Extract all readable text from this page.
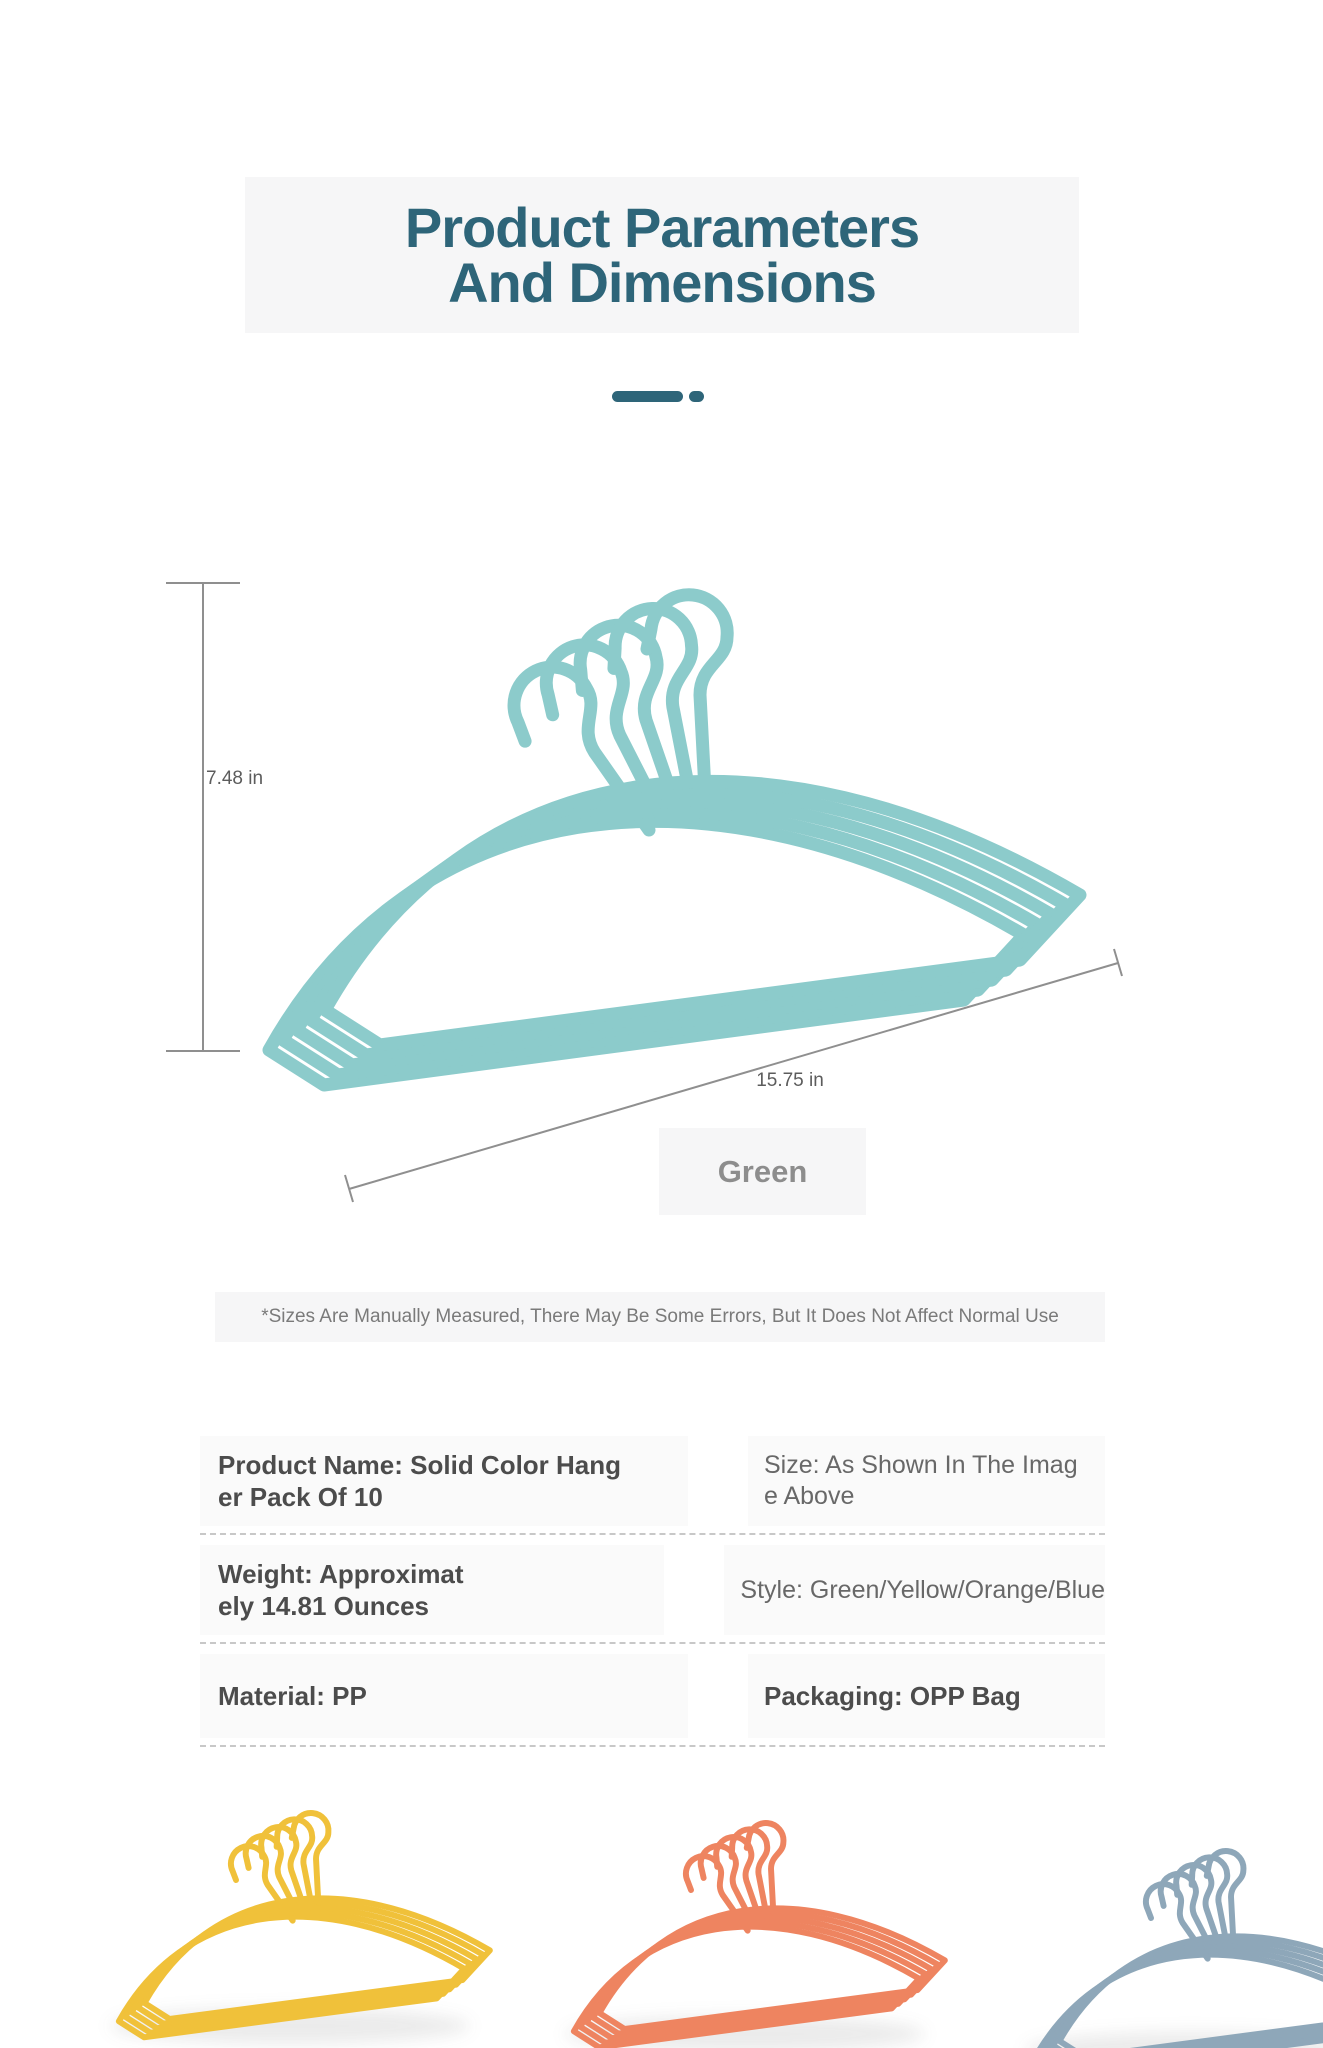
Product Parameters
And Dimensions
7.48 in
15.75 in
Green
*Sizes Are Manually Measured, There May Be Some Errors, But It Does Not Affect Normal Use
Product Name: Solid Color Hang
er Pack Of 10
Size: As Shown In The Imag
e Above
Weight: Approximat
ely 14.81 Ounces
Style: Green/Yellow/Orange/Blue
Material: PP	Packaging: OPP Bag
